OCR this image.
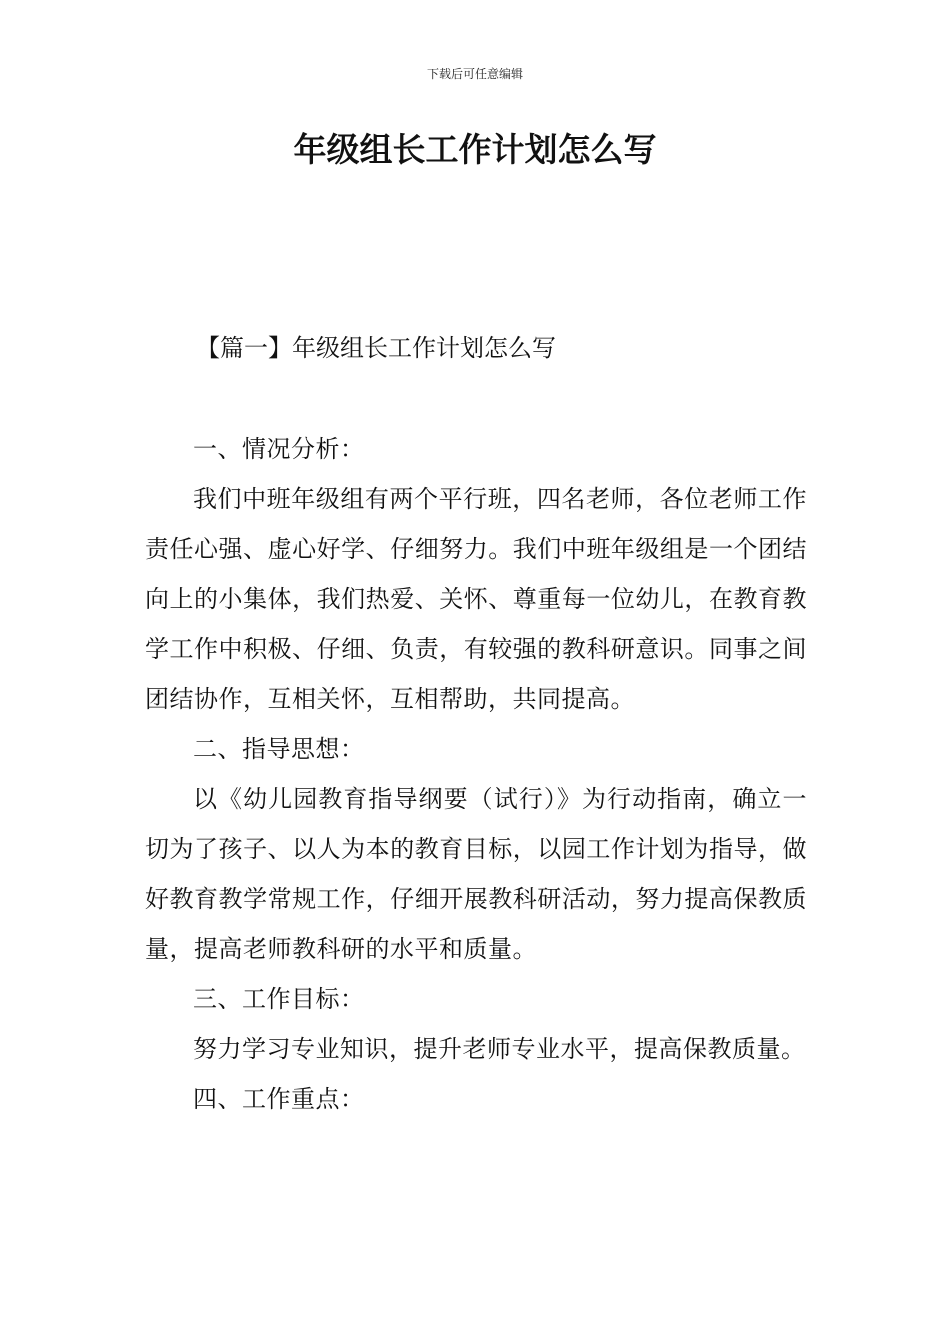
下载后可任意编辑
年级组长工作计划怎么写
【篇一】年级组长工作计划怎么写

一、情况分析：

我们中班年级组有两个平行班，四名老师，各位老师工作责任心强、虚心好学、仔细努力。我们中班年级组是一个团结向上的小集体，我们热爱、关怀、尊重每一位幼儿，在教育教学工作中积极、仔细、负责，有较强的教科研意识。同事之间团结协作，互相关怀，互相帮助，共同提高。

二、指导思想：

以《幼儿园教育指导纲要（试行）》为行动指南，确立一切为了孩子、以人为本的教育目标，以园工作计划为指导，做好教育教学常规工作，仔细开展教科研活动，努力提高保教质量，提高老师教科研的水平和质量。

三、工作目标：

努力学习专业知识，提升老师专业水平，提高保教质量。

四、工作重点：
